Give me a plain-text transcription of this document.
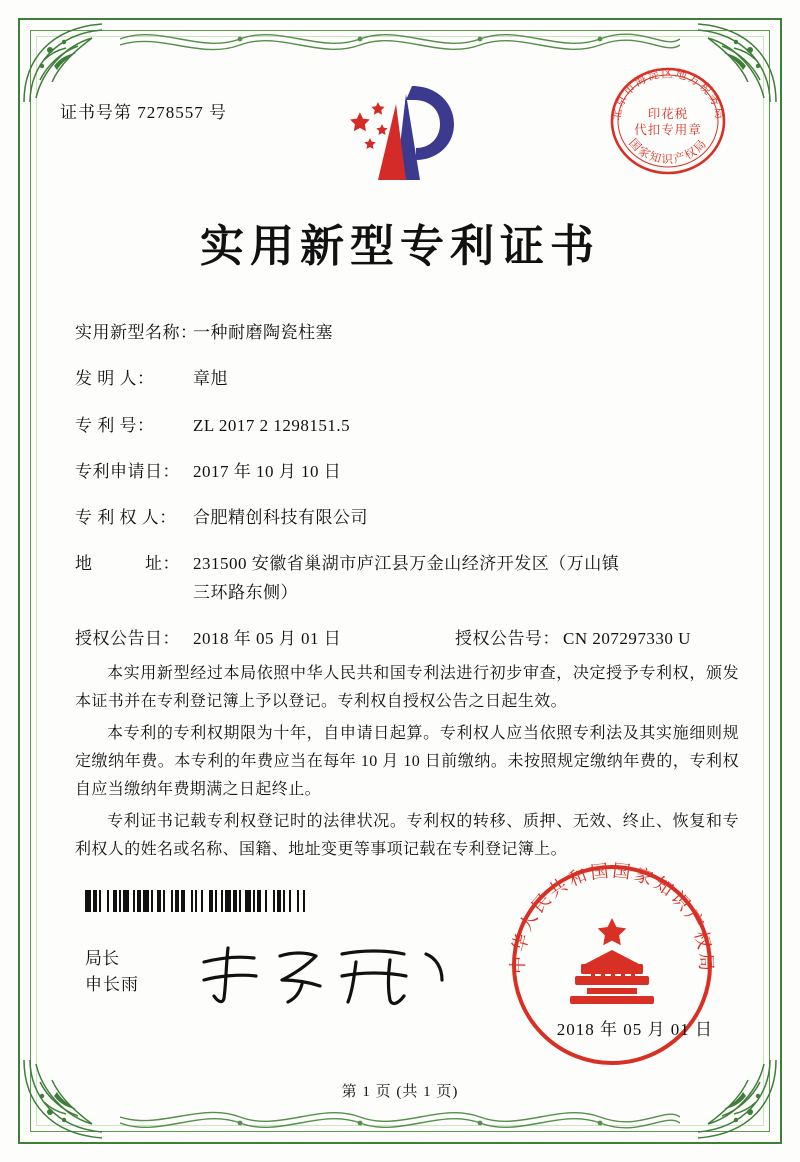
证书号第 7278557 号	北京市海淀区地方税务局
国家知识产权局
印花税
代扣专用章
实用新型专利证书
实用新型名称：
一种耐磨陶瓷柱塞
发 明 人：	章旭
专 利 号：	ZL 2017 2 1298151.5
专利申请日： 2017 年 10 月 10 日
专 利 权 人： 合肥精创科技有限公司
地　　　址： 231500 安徽省巢湖市庐江县万金山经济开发区（万山镇
三环路东侧）
授权公告日： 2018 年 05 月 01 日	授权公告号： CN 207297330 U

本实用新型经过本局依照中华人民共和国专利法进行初步审查，决定授予专利权，颁发本证书并在专利登记簿上予以登记。专利权自授权公告之日起生效。

本专利的专利权期限为十年，自申请日起算。专利权人应当依照专利法及其实施细则规定缴纳年费。本专利的年费应当在每年 10 月 10 日前缴纳。未按照规定缴纳年费的，专利权自应当缴纳年费期满之日起终止。

专利证书记载专利权登记时的法律状况。专利权的转移、质押、无效、终止、恢复和专利权人的姓名或名称、国籍、地址变更等事项记载在专利登记簿上。

局长
申长雨
中华人民共和国国家知识产权局
2018 年 05 月 01 日
第 1 页 (共 1 页)
